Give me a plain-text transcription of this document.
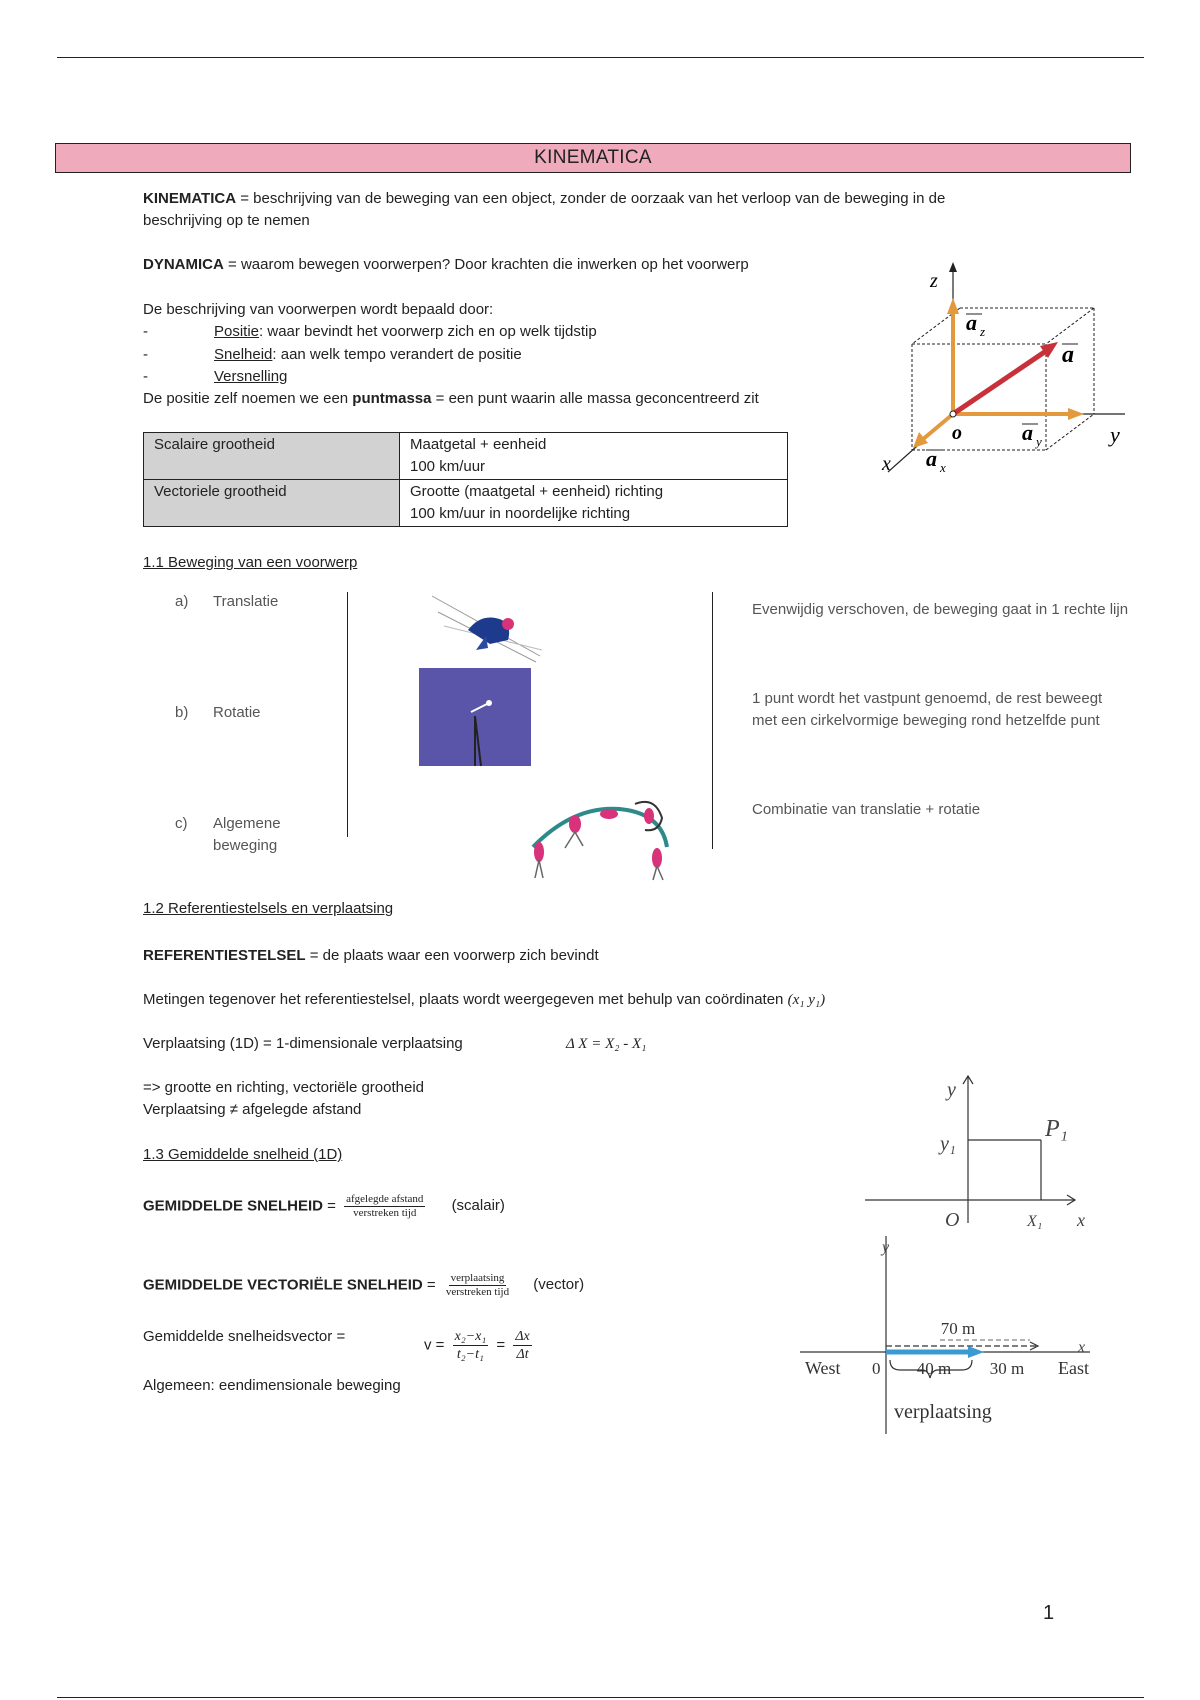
KINEMATICA
KINEMATICA = beschrijving van de beweging van een object, zonder de oorzaak van het verloop van de beweging in de
beschrijving op te nemen
DYNAMICA = waarom bewegen voorwerpen? Door krachten die inwerken op het voorwerp
De beschrijving van voorwerpen wordt bepaald door:
-	Positie: waar bevindt het voorwerp zich en op welk tijdstip
-	Snelheid: aan welk tempo verandert de positie
-	Versnelling
De positie zelf noemen we een puntmassa = een punt waarin alle massa geconcentreerd zit
Scalaire grootheid	Maatgetal + eenheid
100 km/uur
Vectoriele grootheid	Grootte (maatgetal + eenheid) richting
100 km/uur in noordelijke richting
z
y
x
o
a z
a
a y
a x
1.1 Beweging van een voorwerp
a) Translatie	Evenwijdig verschoven, de beweging gaat in 1 rechte lijn
b) Rotatie
1 punt wordt het vastpunt genoemd, de rest beweegt
met een cirkelvormige beweging rond hetzelfde punt
c) Algemene
beweging
Combinatie van translatie + rotatie
1.2 Referentiestelsels en verplaatsing
REFERENTIESTELSEL = de plaats waar een voorwerp zich bevindt
Metingen tegenover het referentiestelsel, plaats wordt weergegeven met behulp van coördinaten (x₁ y₁)
Verplaatsing (1D) = 1-dimensionale verplaatsing	Δ X = X₂ - X₁
=> grootte en richting, vectoriële grootheid
Verplaatsing ≠ afgelegde afstand
y
y₁
P₁
O	X₁ x
1.3 Gemiddelde snelheid (1D)
GEMIDDELDE SNELHEID = $\frac{\text{afgelegde afstand}}{\text{verstreken tijd}}$ (scalair)
GEMIDDELDE VECTORIËLE SNELHEID = $\frac{\text{verplaatsing}}{\text{verstreken tijd}}$ (vector)
Gemiddelde snelheidsvector =	$v = \frac{\text{x₂−x₁}}{\text{t₂−t₁}} = \frac{\Delta x}{\Delta t}$
Algemeen: eendimensionale beweging
y
x
70 m
West 0 40 m 30 m East
verplaatsing
1
